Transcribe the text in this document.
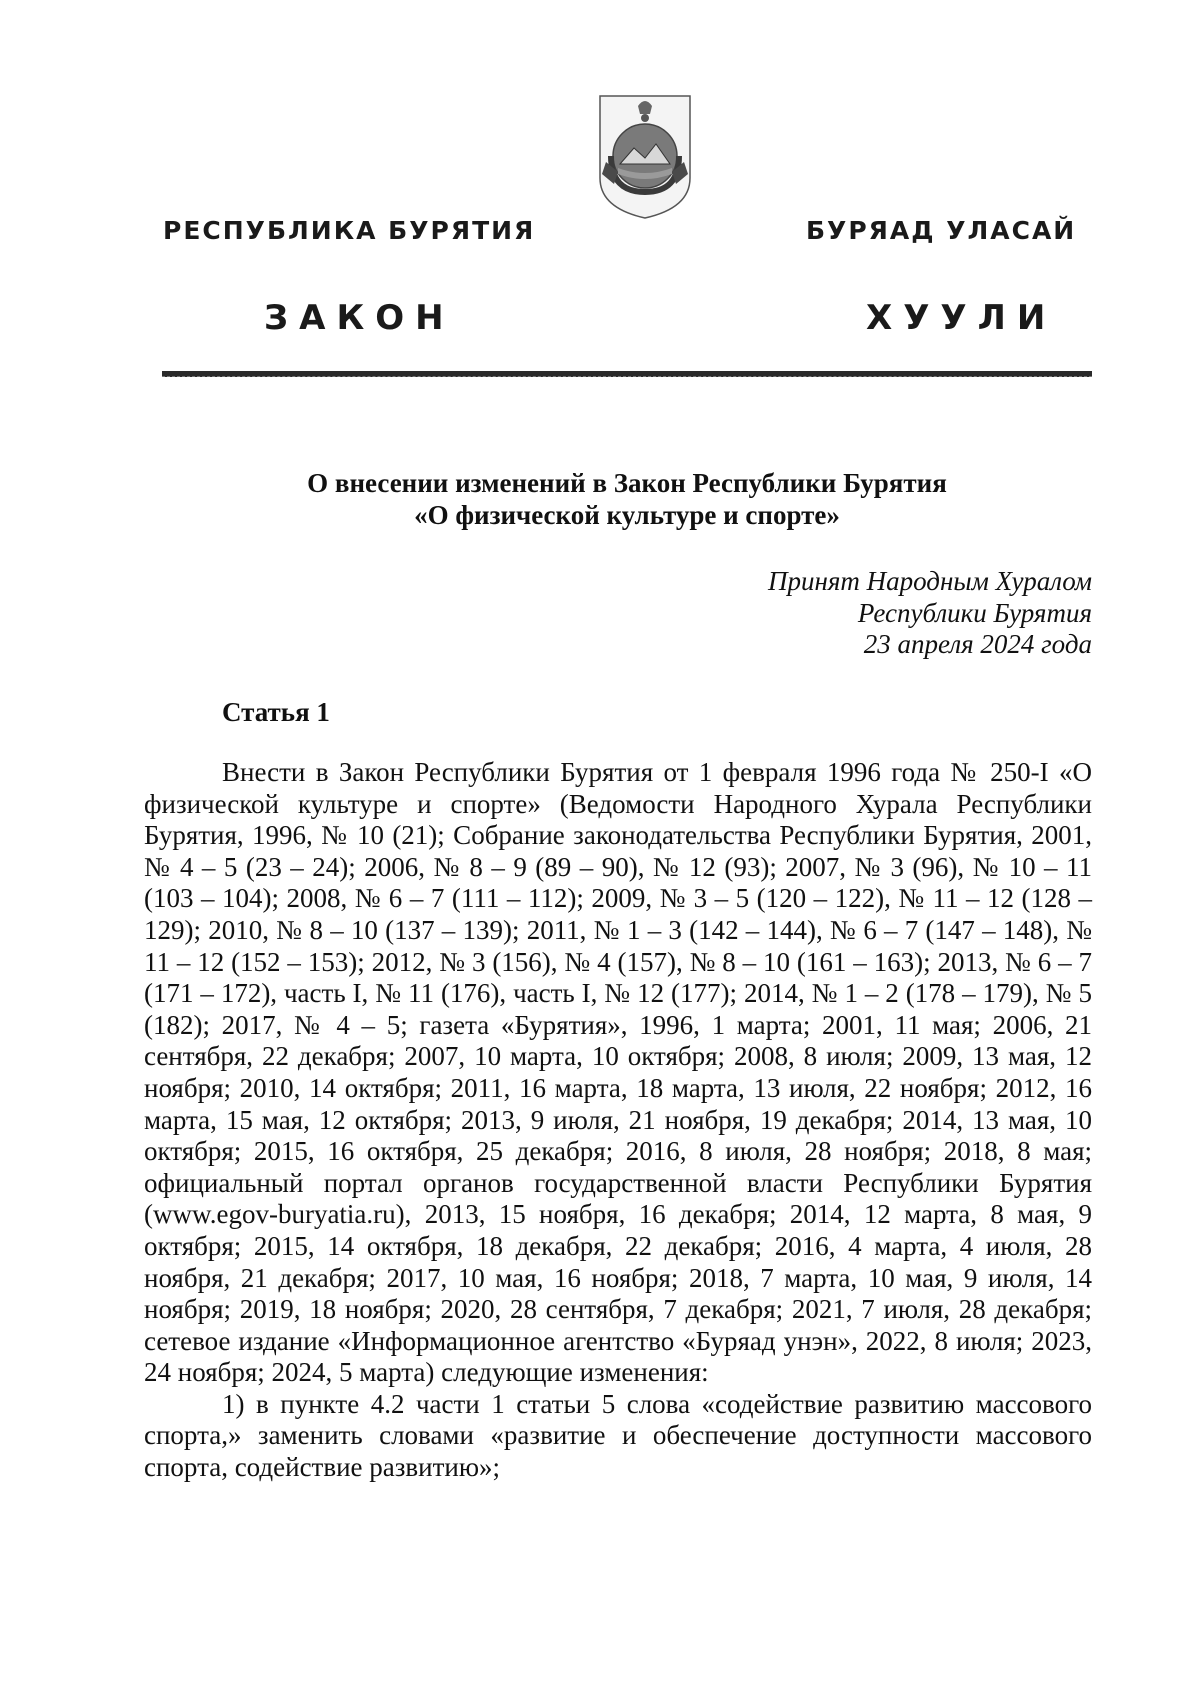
РЕСПУБЛИКА БУРЯТИЯ	БУРЯАД УЛАСАЙ
ЗАКОН	ХУУЛИ
О внесении изменений в Закон Республики Бурятия
«О физической культуре и спорте»
Принят Народным Хуралом
Республики Бурятия
23 апреля 2024 года
Статья 1

Внести в Закон Республики Бурятия от 1 февраля 1996 года № 250-I «О физической культуре и спорте» (Ведомости Народного Хурала Республики Бурятия, 1996, № 10 (21); Собрание законодательства Республики Бурятия, 2001, № 4 – 5 (23 – 24); 2006, № 8 – 9 (89 – 90), № 12 (93); 2007, № 3 (96), № 10 – 11 (103 – 104); 2008, № 6 – 7 (111 – 112); 2009, № 3 – 5 (120 – 122), № 11 – 12 (128 – 129); 2010, № 8 – 10 (137 – 139); 2011, № 1 – 3 (142 – 144), № 6 – 7 (147 – 148), № 11 – 12 (152 – 153); 2012, № 3 (156), № 4 (157), № 8 – 10 (161 – 163); 2013, № 6 – 7 (171 – 172), часть I, № 11 (176), часть I, № 12 (177); 2014, № 1 – 2 (178 – 179), № 5 (182); 2017, № 4 – 5; газета «Бурятия», 1996, 1 марта; 2001, 11 мая; 2006, 21 сентября, 22 декабря; 2007, 10 марта, 10 октября; 2008, 8 июля; 2009, 13 мая, 12 ноября; 2010, 14 октября; 2011, 16 марта, 18 марта, 13 июля, 22 ноября; 2012, 16 марта, 15 мая, 12 октября; 2013, 9 июля, 21 ноября, 19 декабря; 2014, 13 мая, 10 октября; 2015, 16 октября, 25 декабря; 2016, 8 июля, 28 ноября; 2018, 8 мая; официальный портал органов государственной власти Республики Бурятия (www.egov-buryatia.ru), 2013, 15 ноября, 16 декабря; 2014, 12 марта, 8 мая, 9 октября; 2015, 14 октября, 18 декабря, 22 декабря; 2016, 4 марта, 4 июля, 28 ноября, 21 декабря; 2017, 10 мая, 16 ноября; 2018, 7 марта, 10 мая, 9 июля, 14 ноября; 2019, 18 ноября; 2020, 28 сентября, 7 декабря; 2021, 7 июля, 28 декабря; сетевое издание «Информационное агентство «Буряад унэн», 2022, 8 июля; 2023, 24 ноября; 2024, 5 марта) следующие изменения:

1) в пункте 4.2 части 1 статьи 5 слова «содействие развитию массового спорта,» заменить словами «развитие и обеспечение доступности массового спорта, содействие развитию»;
